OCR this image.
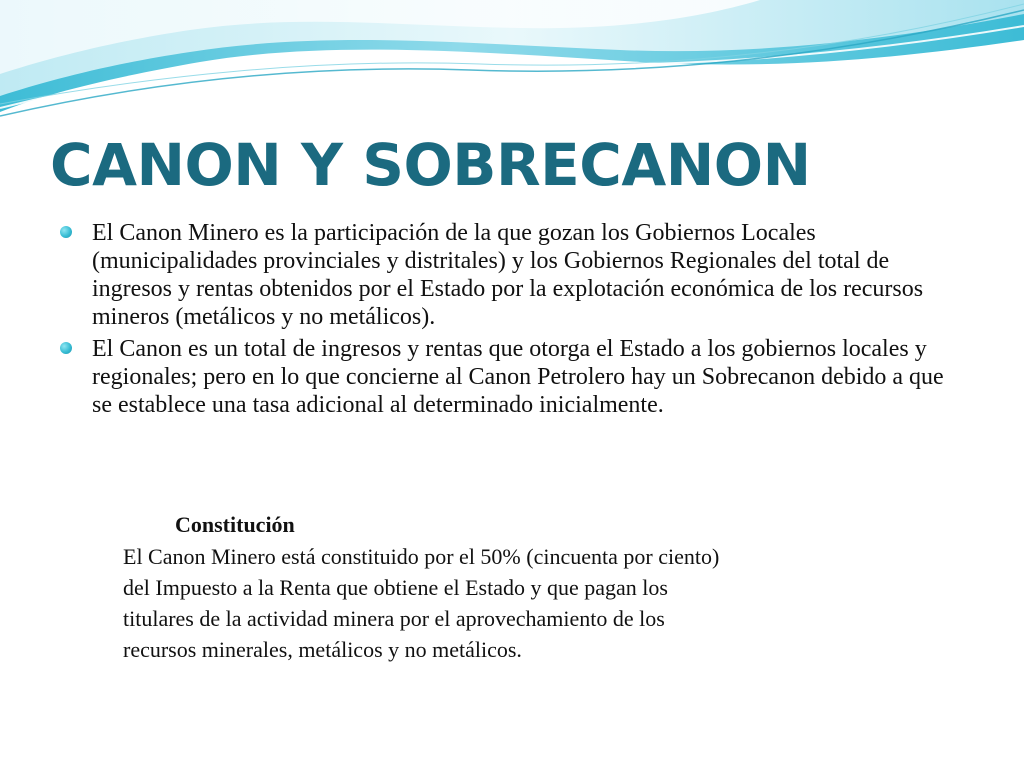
CANON Y SOBRECANON
El Canon Minero es la participación de la que gozan los Gobiernos Locales (municipalidades provinciales y distritales) y los Gobiernos Regionales del total de ingresos y rentas obtenidos por el Estado por la explotación económica de los recursos mineros (metálicos y no metálicos).
El Canon es un total de ingresos y rentas que otorga el Estado a los gobiernos locales y regionales; pero en lo que concierne al Canon Petrolero hay un Sobrecanon debido a que se establece una tasa adicional al determinado inicialmente.
Constitución
El Canon Minero está constituido por el 50% (cincuenta por ciento)
del Impuesto a la Renta que obtiene el Estado y que pagan los
titulares de la actividad minera por el aprovechamiento de los
recursos minerales, metálicos y no metálicos.
